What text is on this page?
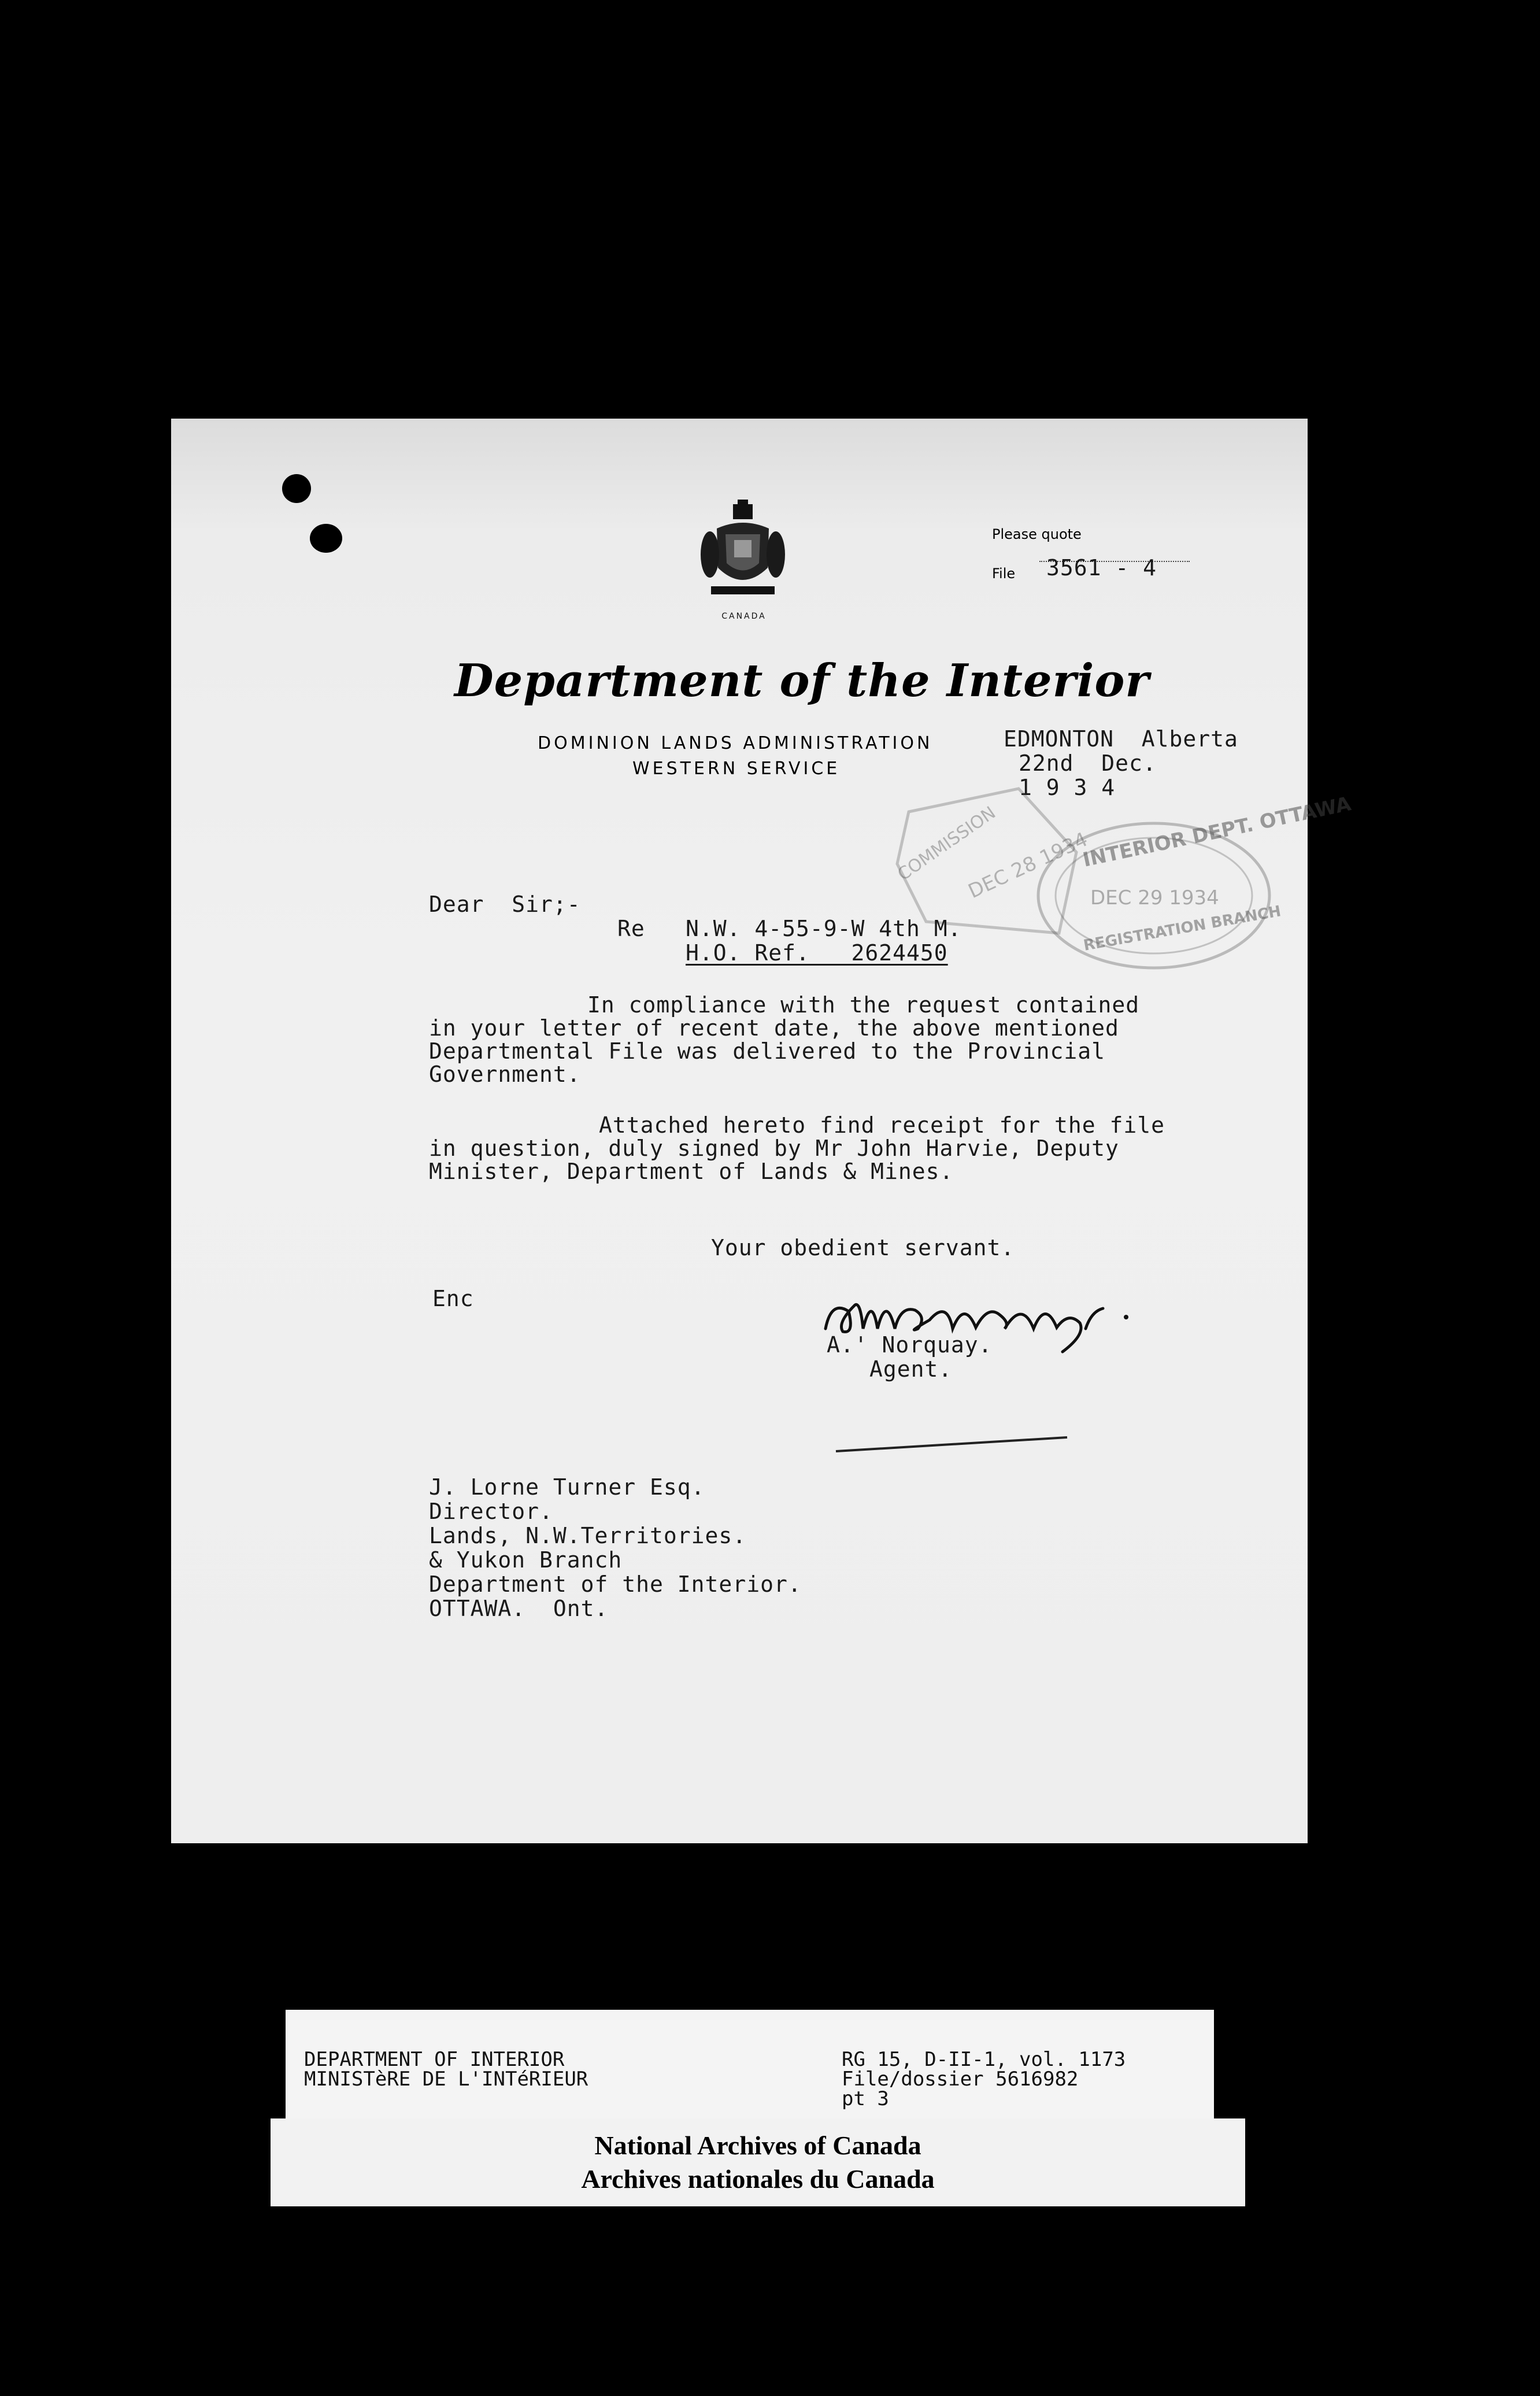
CANADA
Department of the Interior
DOMINION LANDS ADMINISTRATION
WESTERN SERVICE
Please quote
File 3561 - 4
EDMONTON  Alberta
22nd  Dec.
1 9 3 4
COMMISSION
DEC 28 1934
INTERIOR DEPT. OTTAWA
DEC 29 1934
REGISTRATION BRANCH
Dear  Sir;-
Re N.W. 4-55-9-W 4th M.
H.O. Ref.   2624450
In compliance with the request contained
in your letter of recent date, the above mentioned
Departmental File was delivered to the Provincial
Government.
Attached hereto find receipt for the file
in question, duly signed by Mr John Harvie, Deputy
Minister, Department of Lands & Mines.
Your obedient servant.
Enc
A.' Norquay.
Agent.
J. Lorne Turner Esq.
Director.
Lands, N.W.Territories.
& Yukon Branch
Department of the Interior.
OTTAWA.  Ont.
DEPARTMENT OF INTERIOR
MINISTèRE DE L'INTéRIEUR
RG 15, D-II-1, vol. 1173
File/dossier 5616982
pt 3
National Archives of Canada
Archives nationales du Canada
